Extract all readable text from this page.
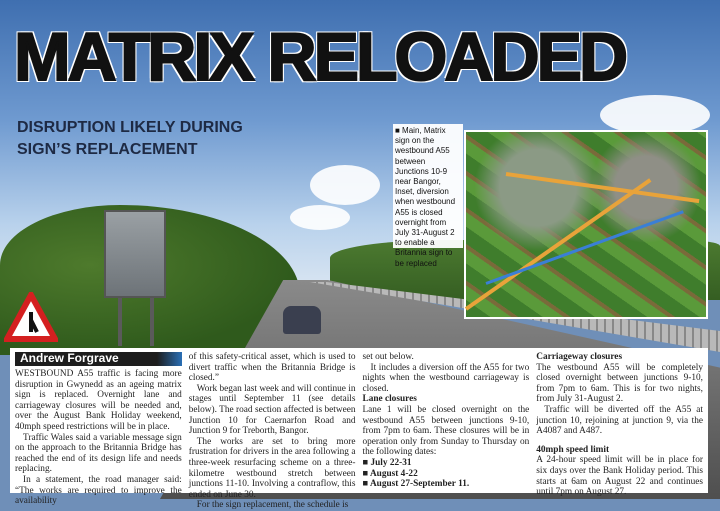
MATRIX RELOADED
DISRUPTION LIKELY DURING
SIGN’S REPLACEMENT
■ Main, Matrix sign on the westbound A55 between Junctions 10-9 near Bangor, Inset, diversion when westbound A55 is closed overnight from July 31-August 2 to enable a Britannia sign to be replaced
Andrew Forgrave

WESTBOUND A55 traffic is facing more disruption in Gwynedd as an ageing matrix sign is replaced. Overnight lane and carriageway closures will be needed and, over the August Bank Holiday weekend, 40mph speed restrictions will be in place.

Traffic Wales said a variable message sign on the approach to the Britannia Bridge has reached the end of its design life and needs replacing.

In a statement, the road manager said: “The works are required to improve the availability

of this safety-critical asset, which is used to divert traffic when the Britannia Bridge is closed.”

Work began last week and will continue in stages until September 11 (see details below). The road section affected is between Junction 10 for Caernarfon Road and Junction 9 for Treborth, Bangor.

The works are set to bring more frustration for drivers in the area following a three-week resurfacing scheme on a three-kilometre westbound stretch between junctions 11-10. Involving a contraflow, this ended on June 30.

For the sign replacement, the schedule is

set out below.

It includes a diversion off the A55 for two nights when the westbound carriageway is closed.

Lane closures

Lane 1 will be closed overnight on the westbound A55 between junctions 9-10, from 7pm to 6am. These closures will be in operation only from Sunday to Thursday on the following dates:

■ July 22-31

■ August 4-22

■ August 27-September 11.

Carriageway closures

The westbound A55 will be completely closed overnight between junctions 9-10, from 7pm to 6am. This is for two nights, from July 31-August 2.

Traffic will be diverted off the A55 at junction 10, rejoining at junction 9, via the A4087 and A487.

40mph speed limit

A 24-hour speed limit will be in place for six days over the Bank Holiday period. This starts at 6am on August 22 and continues until 7pm on August 27.
